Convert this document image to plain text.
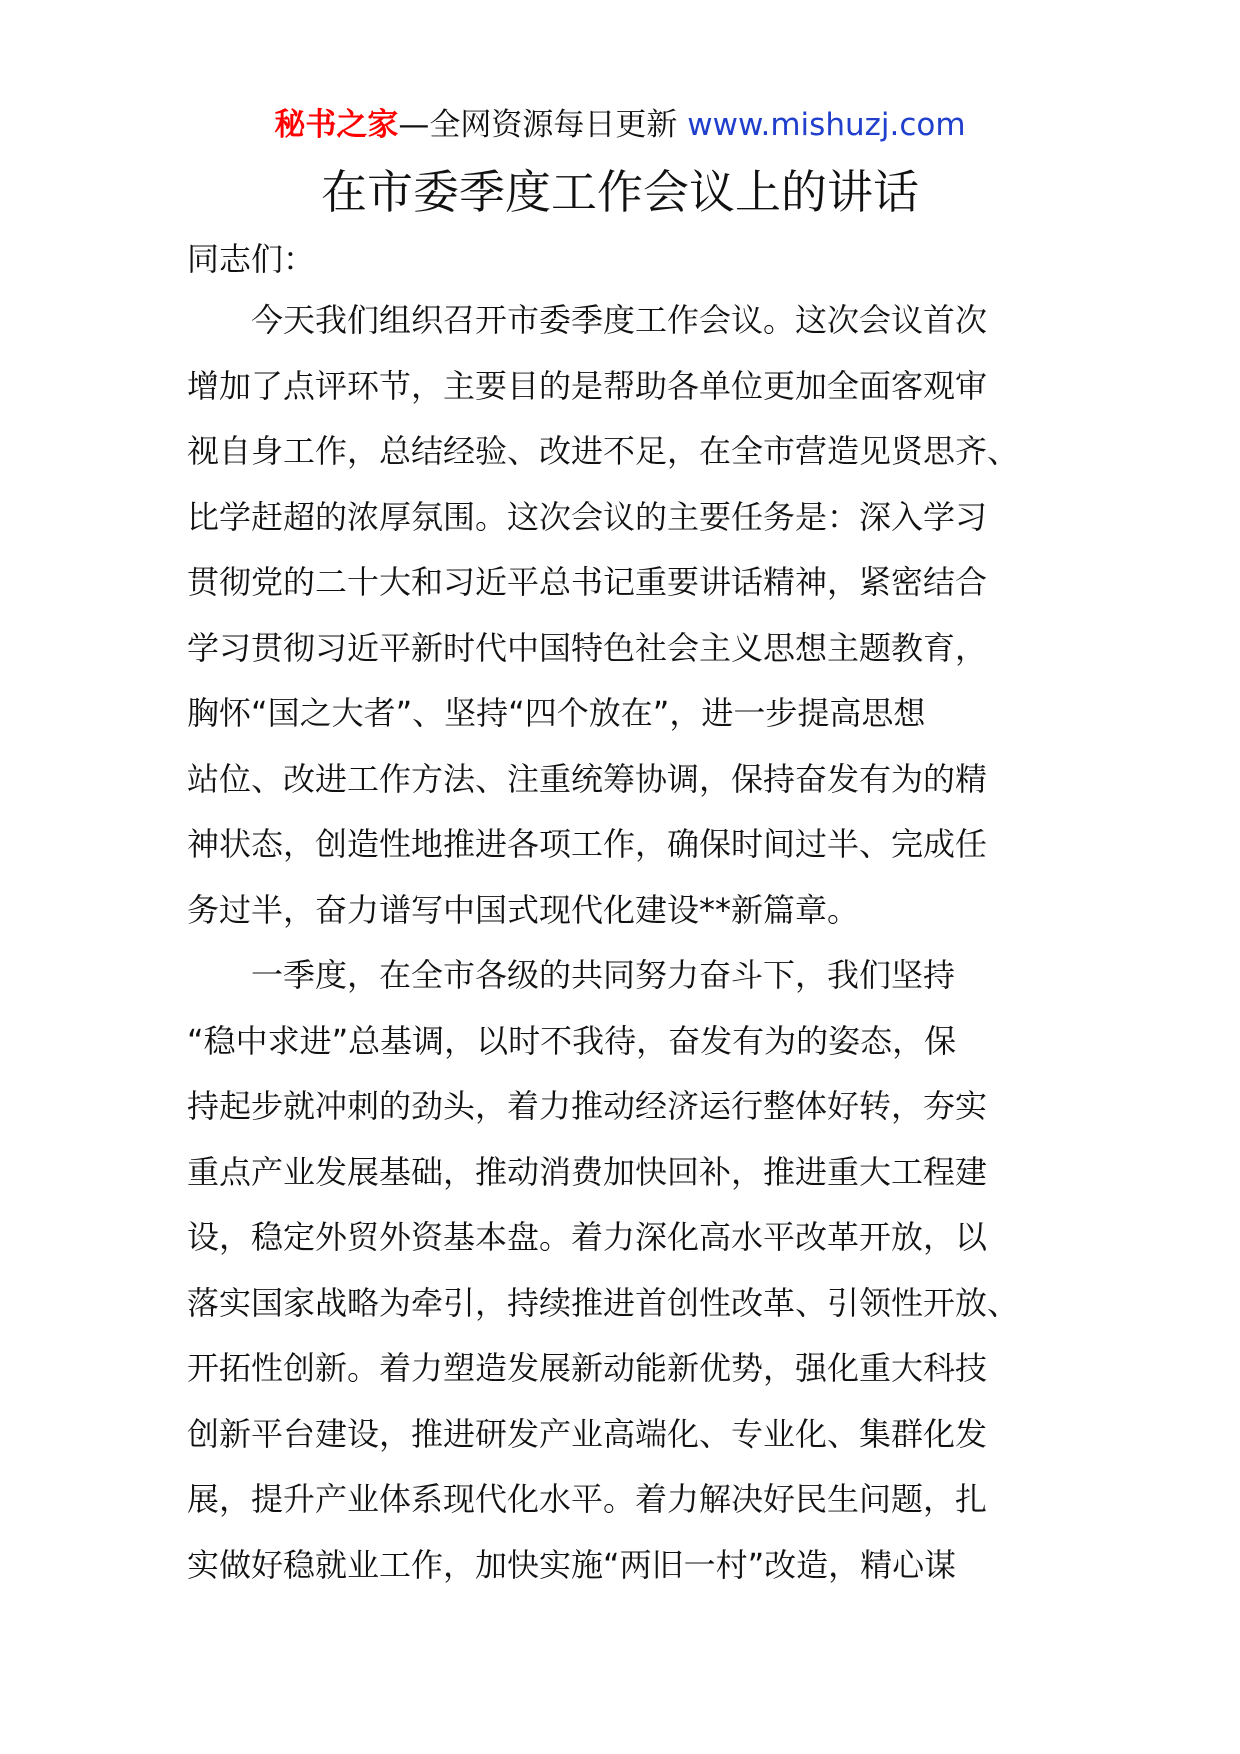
秘书之家—全网资源每日更新 www.mishuzj.com
在市委季度工作会议上的讲话
同志们：
今天我们组织召开市委季度工作会议。这次会议首次
增加了点评环节，主要目的是帮助各单位更加全面客观审
视自身工作，总结经验、改进不足，在全市营造见贤思齐、
比学赶超的浓厚氛围。这次会议的主要任务是：深入学习
贯彻党的二十大和习近平总书记重要讲话精神，紧密结合
学习贯彻习近平新时代中国特色社会主义思想主题教育，
胸怀“国之大者”、坚持“四个放在”，进一步提高思想
站位、改进工作方法、注重统筹协调，保持奋发有为的精
神状态，创造性地推进各项工作，确保时间过半、完成任
务过半，奋力谱写中国式现代化建设**新篇章。
一季度，在全市各级的共同努力奋斗下，我们坚持
“稳中求进”总基调，以时不我待，奋发有为的姿态，保
持起步就冲刺的劲头，着力推动经济运行整体好转，夯实
重点产业发展基础，推动消费加快回补，推进重大工程建
设，稳定外贸外资基本盘。着力深化高水平改革开放，以
落实国家战略为牵引，持续推进首创性改革、引领性开放、
开拓性创新。着力塑造发展新动能新优势，强化重大科技
创新平台建设，推进研发产业高端化、专业化、集群化发
展，提升产业体系现代化水平。着力解决好民生问题，扎
实做好稳就业工作，加快实施“两旧一村”改造，精心谋
